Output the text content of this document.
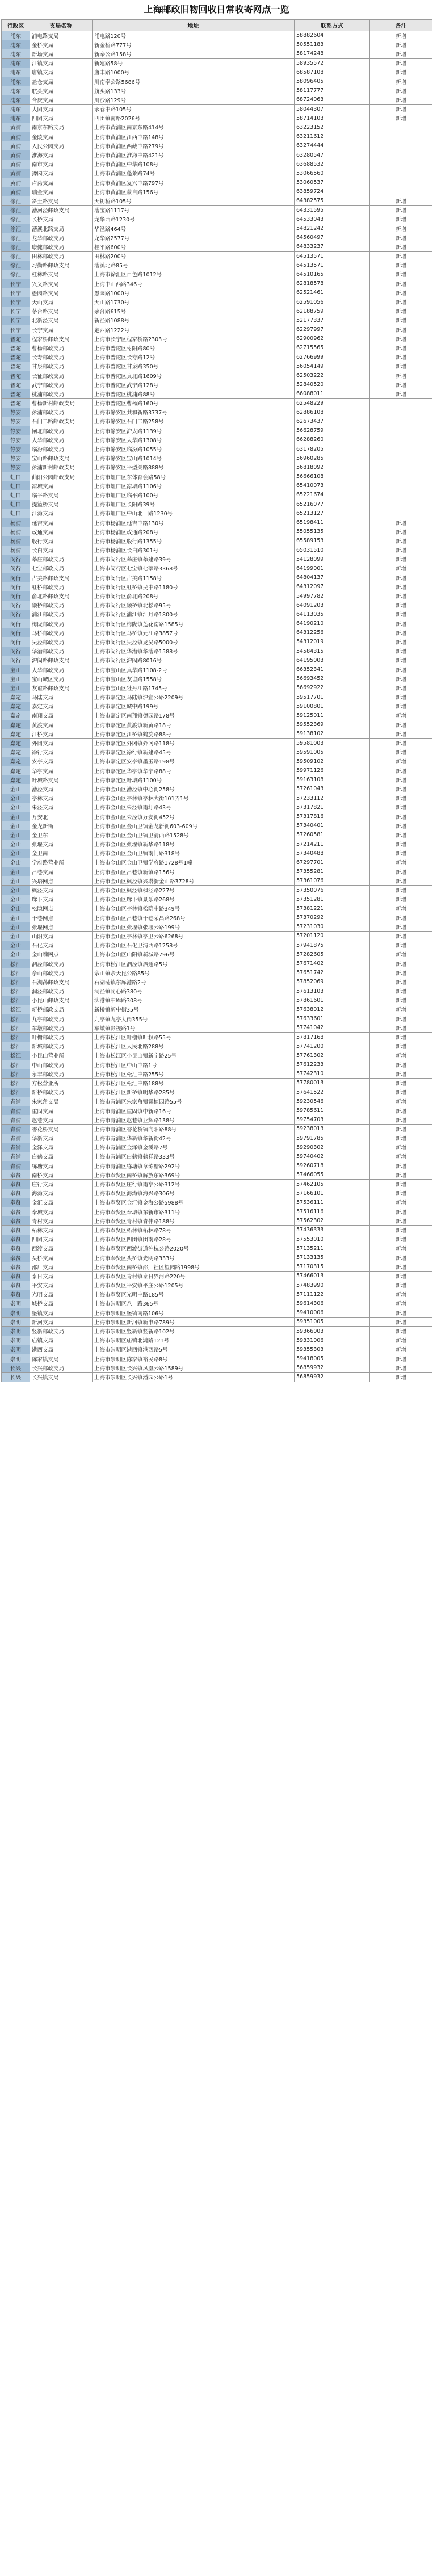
上海邮政旧物回收日常收寄网点一览
行政区	支局名称	地址	联系方式	备注
浦东	浦电路支局	浦电路120号	58882604	新增
浦东	金桥支局	新金桥路777号	50551183	新增
浦东	新场支局	新奉公路158号	58174248	新增
浦东	江镇支局	新建路58号	58935572	新增
浦东	唐镇支局	唐丰路1000号	68587108	新增
浦东	盐仓支局	川南奉公路5686号	58096405	新增
浦东	航头支局	航头路133号	58117777	新增
浦东	合庆支局	川沙路129号	68724063	新增
浦东	大团支局	永春中路105号	58044307	新增
浦东	四团支局	四团镇南路2026号	58714103	新增
黄浦	南京东路支局	上海市黄浦区南京东路414号	63223152	
黄浦	金陵支局	上海市黄浦区江西中路148号	63211612	
黄浦	人民公园支局	上海市黄浦区西藏中路279号	63274444	
黄浦	淮海支局	上海市黄浦区淮海中路421号	63280547	
黄浦	南市支局	上海市黄浦区中华路108号	63688532	
黄浦	豫园支局	上海市黄浦区蓬莱路74号	53066560	
黄浦	卢湾支局	上海市黄浦区复兴中路797号	53060537	
黄浦	瑞金支局	上海市黄浦区蒙自路156号	63859724	
徐汇	斜土路支局	天钥桥路105号	64382575	新增
徐汇	漕河泾邮政支局	漕宝路1117号	64331595	新增
徐汇	长桥支局	龙华西路1230号	64533043	新增
徐汇	漕溪北路支局	华泾路464号	54821242	新增
徐汇	龙华邮政支局	龙华路2577号	64560497	新增
徐汇	康健邮政支局	桂平路600号	64833237	新增
徐汇	田林邮政支局	田林路200号	64513571	新增
徐汇	习勤路邮政支局	漕溪北路85号	64513571	新增
徐汇	桂林路支局	上海市徐汇区百色路1012号	64510165	新增
长宁	兴义路支局	上海中山西路346号	62818578	新增
长宁	愚园路支局	愚园路1000号	62521461	新增
长宁	天山支局	天山路1730号	62591056	新增
长宁	茅台路支局	茅台路615号	62188759	新增
长宁	北新泾支局	新泾路1088号	52177337	新增
长宁	长宁支局	定西路1222号	62297997	新增
普陀	程家桥邮政支局	上海市长宁区程家桥路2303号	62900962	新增
普陀	曹杨邮政支局	上海市普陀区枣阳路80号	62715565	新增
普陀	长寿邮政支局	上海市普陀区长寿路12号	62766999	新增
普陀	甘泉邮政支局	上海市普陀区甘泉路350号	56054149	新增
普陀	长征邮政支局	上海市普陀区真北路1609号	62503222	新增
普陀	武宁邮政支局	上海市普陀区武宁路128号	52840520	新增
普陀	桃浦邮政支局	上海市普陀区桃浦路88号	66088011	新增
普陀	曹杨新村邮政支局	上海市普陀区曹杨路160号	62548229	
静安	彭浦邮政支局	上海市静安区共和新路3737号	62886108	
静安	石门二路邮政支局	上海市静安区石门二路258号	62673437	
静安	闸北邮政支局	上海市静安区沪太路1139号	56628759	
静安	大华邮政支局	上海市静安区大华路1308号	66288260	
静安	临汾邮政支局	上海市静安区临汾路1055号	63178205	
静安	宝山路邮政支局	上海市静安区宝山路1014号	56960285	
静安	彭浦新村邮政支局	上海市静安区平型关路888号	56818092	
虹口	曲阳公园邮政支局	上海市虹口区东体育会路58号	56666108	
虹口	凉城支局	上海市虹口区凉城路1106号	65410073	
虹口	临平路支局	上海市虹口区临平路100号	65221674	
虹口	提篮桥支局	上海市虹口区长阳路39号	65216077	
虹口	江湾支局	上海市虹口区中山北一路1230号	65213127	
杨浦	延吉支局	上海市杨浦区延吉中路130号	65198411	新增
杨浦	政通支局	上海市杨浦区政通路208号	55055135	新增
杨浦	殷行支局	上海市杨浦区殷行路1355号	65589153	新增
杨浦	长白支局	上海市杨浦区长白路301号	65031510	新增
闵行	莘庄邮政支局	上海市闵行区莘庄镇莘建路39号	54128099	新增
闵行	七宝邮政支局	上海市闵行区七宝镇七莘路3368号	64199001	新增
闵行	古美路邮政支局	上海市闵行区古美路1158号	64804137	新增
闵行	虹桥邮政支局	上海市闵行区虹桥镇吴中路1180号	64312097	新增
闵行	俞北路邮政支局	上海市闵行区俞北路208号	54997782	新增
闵行	颛桥邮政支局	上海市闵行区颛桥镇北松路95号	64091203	新增
闵行	浦江邮政支局	上海市闵行区浦江镇江月路1800号	64113035	新增
闵行	梅陇邮政支局	上海市闵行区梅陇镇莲花南路1585号	64190210	新增
闵行	马桥邮政支局	上海市闵行区马桥镇元江路3857号	64312256	新增
闵行	吴泾邮政支局	上海市闵行区吴泾镇龙吴路5000号	54312019	新增
闵行	华漕邮政支局	上海市闵行区华漕镇华漕路1588号	54584315	新增
闵行	沪闵路邮政支局	上海市闵行区沪闵路8016号	64195003	新增
宝山	大华邮政支局	上海市宝山区真华路1108-2号	66352341	新增
宝山	宝山城区支局	上海市宝山区友谊路1558号	56693452	新增
宝山	友谊路邮政支局	上海市宝山区牡丹江路1745号	56692922	新增
嘉定	马陆支局	上海市嘉定区马陆镇沪宜公路2209号	59517701	新增
嘉定	嘉定支局	上海市嘉定区城中路199号	59100801	新增
嘉定	南翔支局	上海市嘉定区南翔镇德园路178号	59125011	新增
嘉定	黄渡支局	上海市嘉定区黄渡镇新黄路18号	59552369	新增
嘉定	江桥支局	上海市嘉定区江桥镇鹤旋路88号	59138102	新增
嘉定	外冈支局	上海市嘉定区外冈镇外冈路118号	59581003	新增
嘉定	徐行支局	上海市嘉定区徐行镇新建路45号	59591005	新增
嘉定	安亭支局	上海市嘉定区安亭镇墨玉路198号	59509102	新增
嘉定	华亭支局	上海市嘉定区华亭镇华宁路88号	59971126	新增
嘉定	叶城路支局	上海市嘉定区叶城路1100号	59163108	新增
金山	漕泾支局	上海市金山区漕泾镇中心街258号	57261043	新增
金山	亭林支局	上海市金山区亭林镇亭林大街101弄1号	57233112	新增
金山	朱泾支局	上海市金山区朱泾镇南圩路43号	57317821	新增
金山	万安北	上海市金山区朱泾镇万安街452号	57317816	新增
金山	金龙新街	上海市金山区金山卫镇金龙新街603-609号	57340401	新增
金山	金卫东	上海市金山区金山卫镇卫清西路1528号	57260581	新增
金山	张堰支局	上海市金山区张堰镇新华路118号	57214211	新增
金山	金卫南	上海市金山区金山卫镇南门路318号	57340488	新增
金山	学府路营业所	上海市金山区金山卫镇学府路1728号1幢	67297701	新增
金山	吕巷支局	上海市金山区吕巷镇新镇路156号	57355281	新增
金山	兴塔网点	上海市金山区枫泾镇兴塔新金山路3728号	57361076	新增
金山	枫泾支局	上海市金山区枫泾镇枫泾路227号	57350076	新增
金山	廊下支局	上海市金山区廊下镇景乐路268号	57351281	新增
金山	松隐网点	上海市金山区亭林镇松隐中路349号	57381221	新增
金山	干巷网点	上海市金山区吕巷镇干巷荣昌路268号	57370292	新增
金山	张堰网点	上海市金山区张堰镇张堰公路199号	57231030	新增
金山	山阳支局	上海市金山区亭林镇亭卫公路6268号	57201120	新增
金山	石化支局	上海市金山区石化卫清西路1258号	57941875	新增
金山	金山嘴网点	上海市金山区山阳镇新城路796号	57282605	新增
松江	泗泾邮政支局	上海市松江区泗泾镇泗通路5号	57671402	新增
松江	佘山邮政支局	佘山镇佘天昆公路85号	57651742	新增
松江	石湖荡邮政支局	石湖荡镇东厍港路2号	57852069	新增
松江	洞泾邮政支局	洞泾镇同心路380号	57613103	新增
松江	小昆山邮政支局	泖港镇中厍路308号	57861601	新增
松江	新桥邮政支局	新桥镇新中街35号	57638012	新增
松江	九亭邮政支局	九亭镇九亭大街355号	57633601	新增
松江	车墩邮政支局	车墩镇影视路1号	57741042	新增
松江	叶榭邮政支局	上海市松江区叶榭镇叶权路55号	57817168	新增
松江	新城邮政支局	上海市松江区人民北路288号	57741200	新增
松江	小昆山营业所	上海市松江区小昆山镇新宁路25号	57761302	新增
松江	中山邮政支局	上海市松江区中山中路1号	57612233	新增
松江	永丰邮政支局	上海市松江区松汇中路255号	57742310	新增
松江	方松营业所	上海市松江区松汇中路188号	57780013	新增
松江	新桥邮政支局	上海市松江区新桥镇明华路285号	57641522	新增
青浦	朱家角支局	上海市青浦区朱家角镇课植园路55号	59230546	新增
青浦	重固支局	上海市青浦区重固镇中新路16号	59785611	新增
青浦	赵巷支局	上海市青浦区赵巷镇业辉路138号	59754703	新增
青浦	香花桥支局	上海市青浦区香花桥镇向阳路88号	59238013	新增
青浦	华新支局	上海市青浦区华新镇华新街42号	59791785	新增
青浦	金泽支局	上海市青浦区金泽镇金溪路7号	59290302	新增
青浦	白鹤支局	上海市青浦区白鹤镇鹤祥路333号	59740402	新增
青浦	练塘支局	上海市青浦区练塘镇章练塘路292号	59260718	新增
奉贤	南桥支局	上海市奉贤区南桥镇解放东路369号	57466055	新增
奉贤	庄行支局	上海市奉贤区庄行镇南亭公路312号	57462105	新增
奉贤	海湾支局	上海市奉贤区海湾镇海兴路306号	57166101	新增
奉贤	金汇支局	上海市奉贤区金汇镇金海公路5988号	57536111	新增
奉贤	奉城支局	上海市奉贤区奉城镇东新市路311号	57516116	新增
奉贤	青村支局	上海市奉贤区青村镇青伟路188号	57562302	新增
奉贤	柘林支局	上海市奉贤区柘林镇柘林路78号	57436333	新增
奉贤	四团支局	上海市奉贤区四团镇团南路28号	57553010	新增
奉贤	西渡支局	上海市奉贤区西渡街道沪杭公路2020号	57135211	新增
奉贤	头桥支局	上海市奉贤区头桥镇光明路333号	57133135	新增
奉贤	邵厂支局	上海市奉贤区南桥镇邵厂社区望园路1998号	57170315	新增
奉贤	泰日支局	上海市奉贤区青村镇泰日界河路220号	57466013	新增
奉贤	平安支局	上海市奉贤区平安镇平庄公路1205号	57483990	新增
奉贤	光明支局	上海市奉贤区光明中路185号	57111122	新增
崇明	城桥支局	上海市崇明区八一路365号	59614306	新增
崇明	堡镇支局	上海市崇明区堡镇南路106号	59410006	新增
崇明	新河支局	上海市崇明区新河镇新申路789号	59351005	新增
崇明	竖新邮政支局	上海市崇明区竖新镇竖新路102号	59366003	新增
崇明	庙镇支局	上海市崇明区庙镇北鸿路121号	59331006	新增
崇明	港西支局	上海市崇明区港西镇港西路5号	59355303	新增
崇明	陈家镇支局	上海市崇明区陈家镇裕民路8号	59418005	新增
长兴	长兴邮政支局	上海市崇明区长兴镇凤凰公路1589号	56859932	新增
长兴	长兴镇支局	上海市崇明区长兴镇潘园公路1号	56859932	新增
